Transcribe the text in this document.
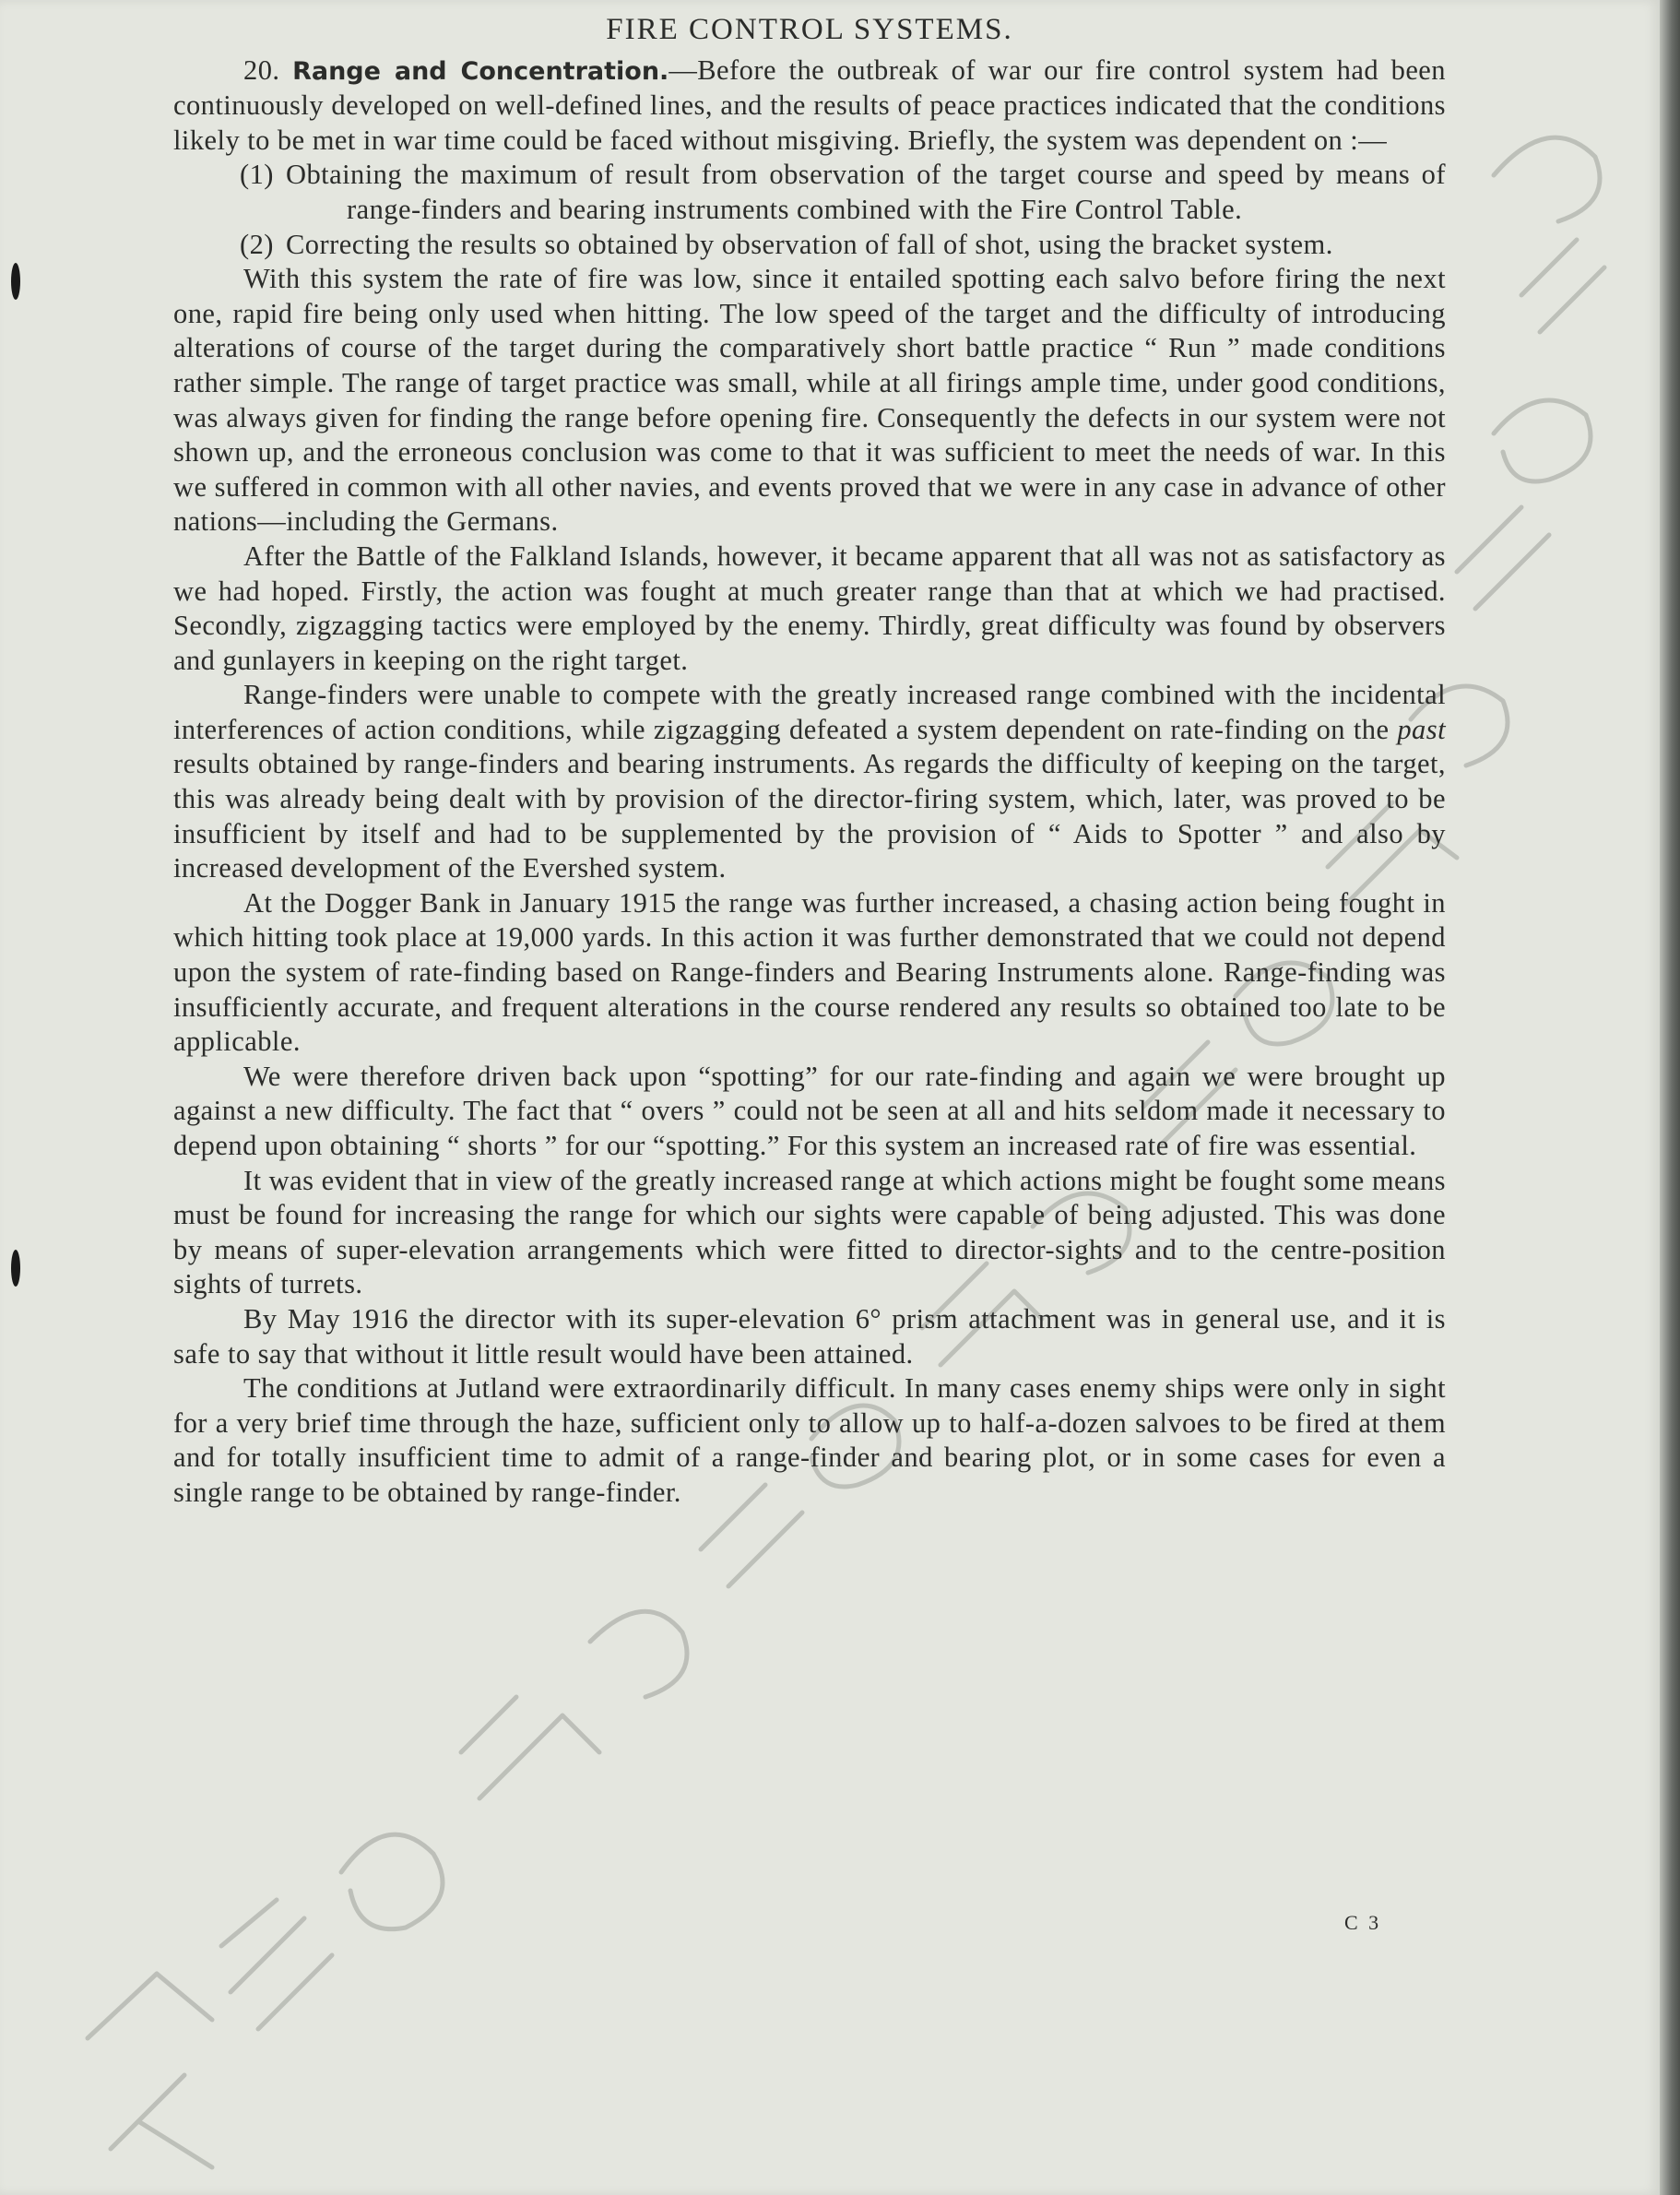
FIRE CONTROL SYSTEMS.

20. Range and Concentration.—Before the outbreak of war our fire control system had been continuously developed on well-defined lines, and the results of peace practices indicated that the conditions likely to be met in war time could be faced without misgiving. Briefly, the system was dependent on :—

(1) Obtaining the maximum of result from observation of the target course and speed by means of range-finders and bearing instruments combined with the Fire Control Table.
(2) Correcting the results so obtained by observation of fall of shot, using the bracket system.

With this system the rate of fire was low, since it entailed spotting each salvo before firing the next one, rapid fire being only used when hitting. The low speed of the target and the difficulty of introducing alterations of course of the target during the comparatively short battle practice “ Run ” made conditions rather simple. The range of target practice was small, while at all firings ample time, under good conditions, was always given for finding the range before opening fire. Consequently the defects in our system were not shown up, and the erroneous conclusion was come to that it was sufficient to meet the needs of war. In this we suffered in common with all other navies, and events proved that we were in any case in advance of other nations—including the Germans.

After the Battle of the Falkland Islands, however, it became apparent that all was not as satisfactory as we had hoped. Firstly, the action was fought at much greater range than that at which we had practised. Secondly, zigzagging tactics were employed by the enemy. Thirdly, great difficulty was found by observers and gunlayers in keeping on the right target.

Range-finders were unable to compete with the greatly increased range combined with the incidental interferences of action conditions, while zigzagging defeated a system dependent on rate-finding on the past results obtained by range-finders and bearing instruments. As regards the difficulty of keeping on the target, this was already being dealt with by provision of the director-firing system, which, later, was proved to be insufficient by itself and had to be supplemented by the provision of “ Aids to Spotter ” and also by increased development of the Evershed system.

At the Dogger Bank in January 1915 the range was further increased, a chasing action being fought in which hitting took place at 19,000 yards. In this action it was further demonstrated that we could not depend upon the system of rate-finding based on Range-finders and Bearing Instruments alone. Range-finding was insufficiently accurate, and frequent alterations in the course rendered any results so obtained too late to be applicable.

We were therefore driven back upon “spotting” for our rate-finding and again we were brought up against a new difficulty. The fact that “ overs ” could not be seen at all and hits seldom made it necessary to depend upon obtaining “ shorts ” for our “spotting.” For this system an increased rate of fire was essential.

It was evident that in view of the greatly increased range at which actions might be fought some means must be found for increasing the range for which our sights were capable of being adjusted. This was done by means of super-elevation arrangements which were fitted to director-sights and to the centre-position sights of turrets.

By May 1916 the director with its super-elevation 6° prism attachment was in general use, and it is safe to say that without it little result would have been attained.

The conditions at Jutland were extraordinarily difficult. In many cases enemy ships were only in sight for a very brief time through the haze, sufficient only to allow up to half-a-dozen salvoes to be fired at them and for totally insufficient time to admit of a range-finder and bearing plot, or in some cases for even a single range to be obtained by range-finder.

C 3
